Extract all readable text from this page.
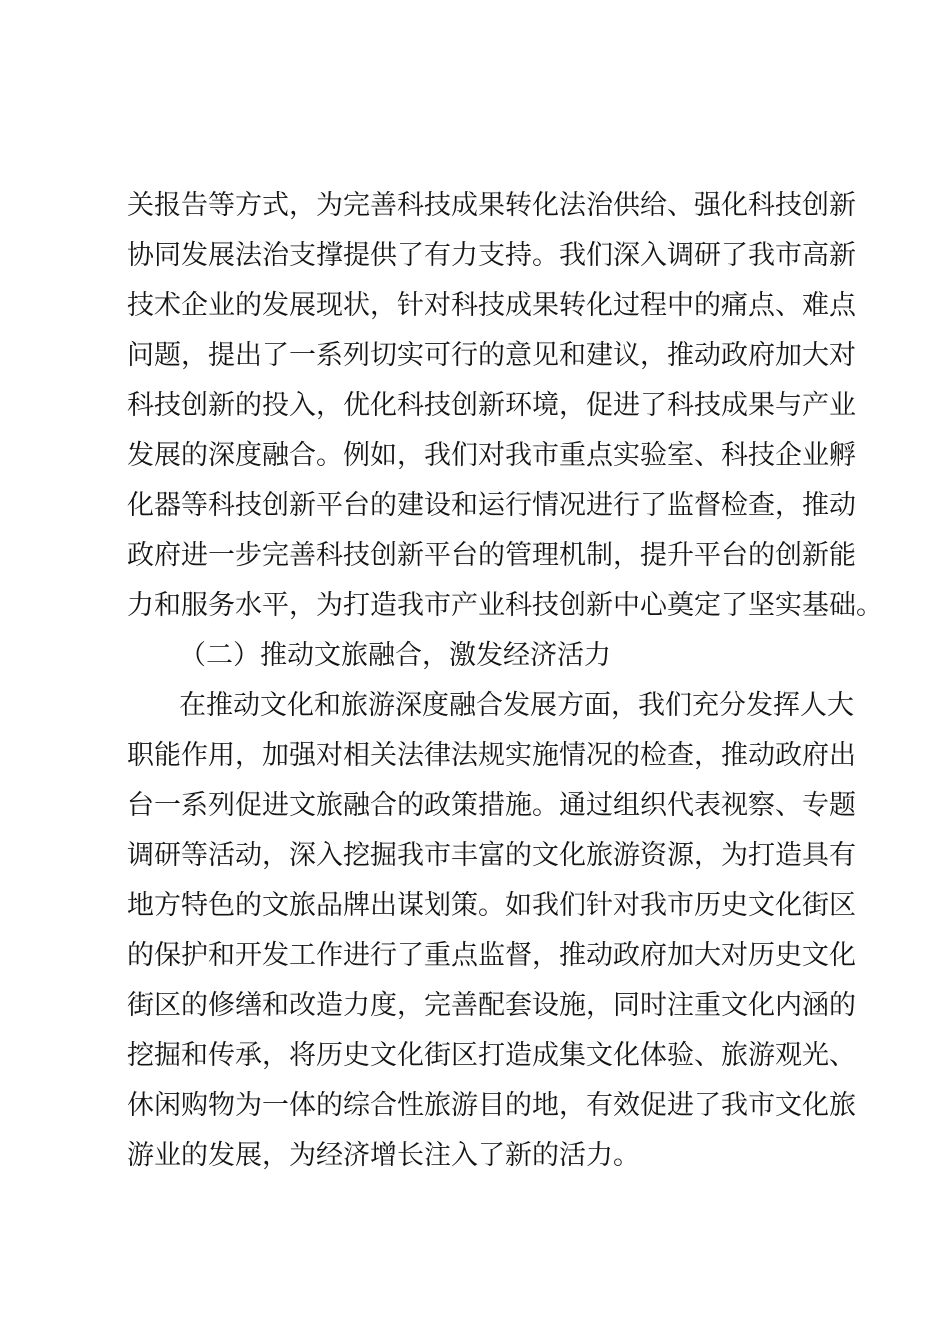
关报告等方式，为完善科技成果转化法治供给、强化科技创新
协同发展法治支撑提供了有力支持。我们深入调研了我市高新
技术企业的发展现状，针对科技成果转化过程中的痛点、难点
问题，提出了一系列切实可行的意见和建议，推动政府加大对
科技创新的投入，优化科技创新环境，促进了科技成果与产业
发展的深度融合。例如，我们对我市重点实验室、科技企业孵
化器等科技创新平台的建设和运行情况进行了监督检查，推动
政府进一步完善科技创新平台的管理机制，提升平台的创新能
力和服务水平，为打造我市产业科技创新中心奠定了坚实基础。
（二）推动文旅融合，激发经济活力
在推动文化和旅游深度融合发展方面，我们充分发挥人大
职能作用，加强对相关法律法规实施情况的检查，推动政府出
台一系列促进文旅融合的政策措施。通过组织代表视察、专题
调研等活动，深入挖掘我市丰富的文化旅游资源，为打造具有
地方特色的文旅品牌出谋划策。如我们针对我市历史文化街区
的保护和开发工作进行了重点监督，推动政府加大对历史文化
街区的修缮和改造力度，完善配套设施，同时注重文化内涵的
挖掘和传承，将历史文化街区打造成集文化体验、旅游观光、
休闲购物为一体的综合性旅游目的地，有效促进了我市文化旅
游业的发展，为经济增长注入了新的活力。
